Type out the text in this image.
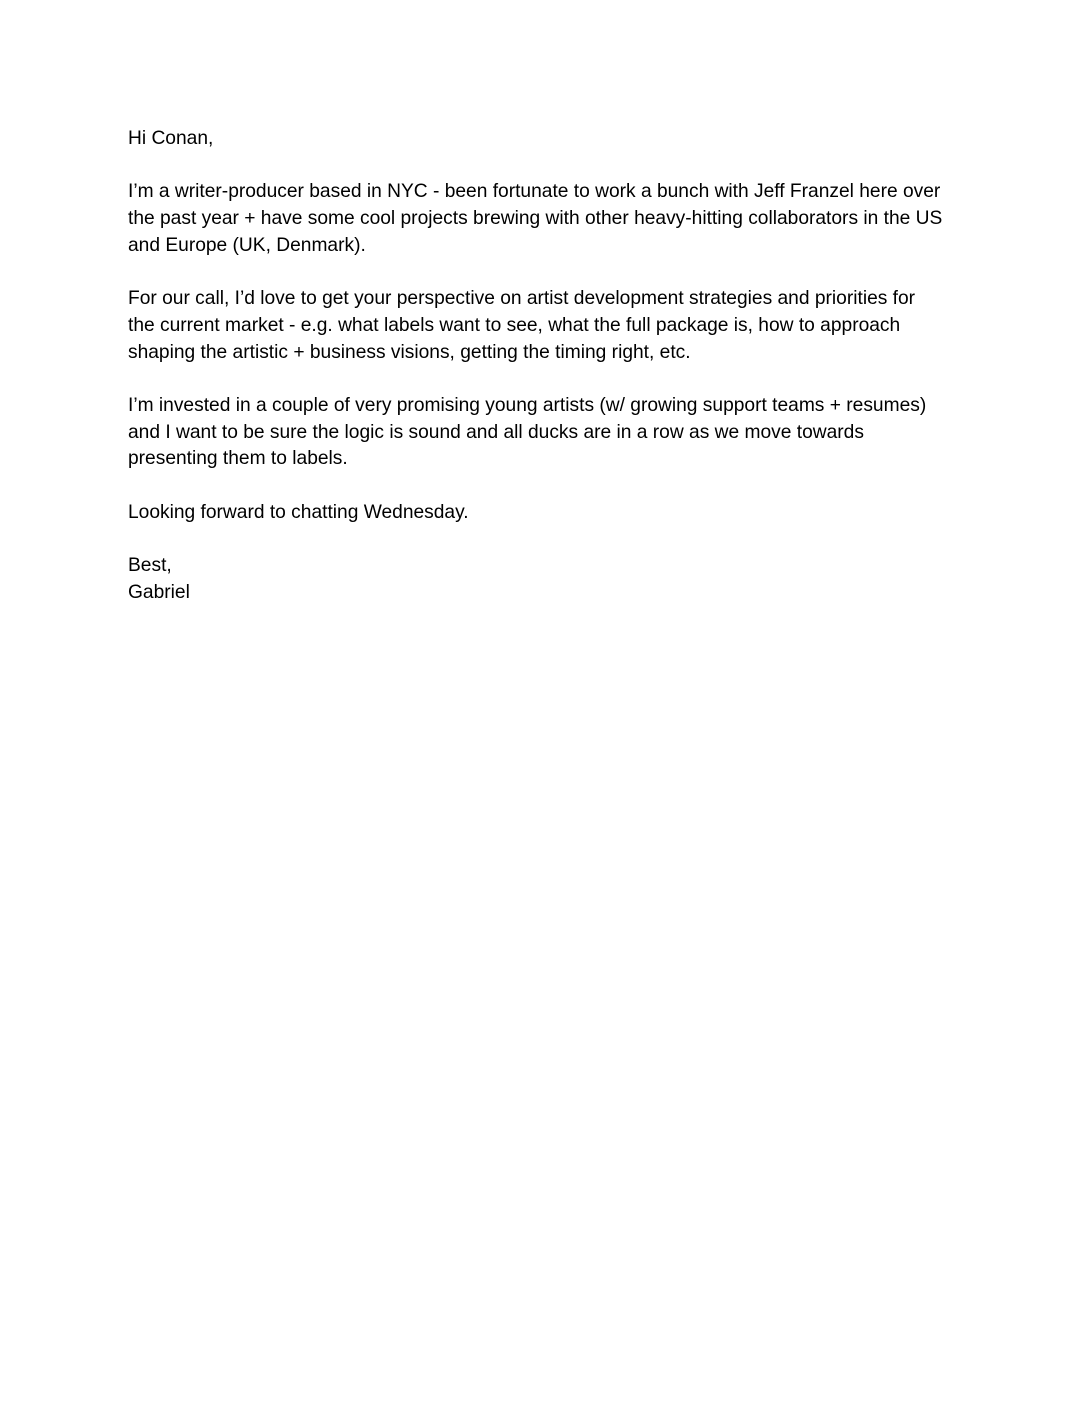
Hi Conan,
I’m a writer-producer based in NYC - been fortunate to work a bunch with Jeff Franzel here over
the past year + have some cool projects brewing with other heavy-hitting collaborators in the US
and Europe (UK, Denmark).
For our call, I’d love to get your perspective on artist development strategies and priorities for
the current market - e.g. what labels want to see, what the full package is, how to approach
shaping the artistic + business visions, getting the timing right, etc.
I’m invested in a couple of very promising young artists (w/ growing support teams + resumes)
and I want to be sure the logic is sound and all ducks are in a row as we move towards
presenting them to labels.
Looking forward to chatting Wednesday.
Best,
Gabriel
